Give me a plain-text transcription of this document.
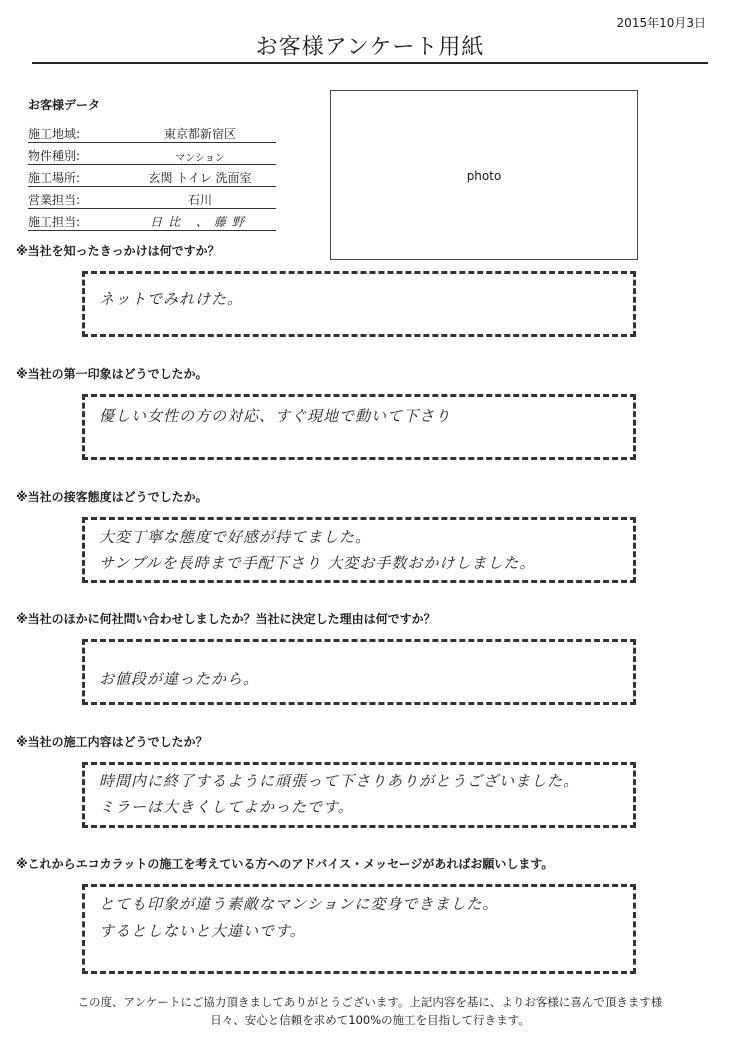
2015年10月3日
お客様アンケート用紙
お客様データ
施工地域:	東京都新宿区
物件種別:	マンション
施工場所:	玄関 トイレ 洗面室
営業担当:	石川
施工担当:	日比 、藤野
photo
※当社を知ったきっかけは何ですか？
ネットでみれけた。
※当社の第一印象はどうでしたか。
優しい女性の方の対応、すぐ現地で動いて下さり
※当社の接客態度はどうでしたか。
大変丁寧な態度で好感が持てました。
サンプルを長時まで手配下さり 大変お手数おかけしました。
※当社のほかに何社問い合わせしましたか？当社に決定した理由は何ですか？
お値段が違ったから。
※当社の施工内容はどうでしたか？
時間内に終了するように頑張って下さりありがとうございました。
ミラーは大きくしてよかったです。
※これからエコカラットの施工を考えている方へのアドバイス・メッセージがあればお願いします。
とても印象が違う素敵なマンションに変身できました。
するとしないと大違いです。
この度、アンケートにご協力頂きましてありがとうございます。上記内容を基に、よりお客様に喜んで頂きます様
日々、安心と信頼を求めて100%の施工を目指して行きます。
